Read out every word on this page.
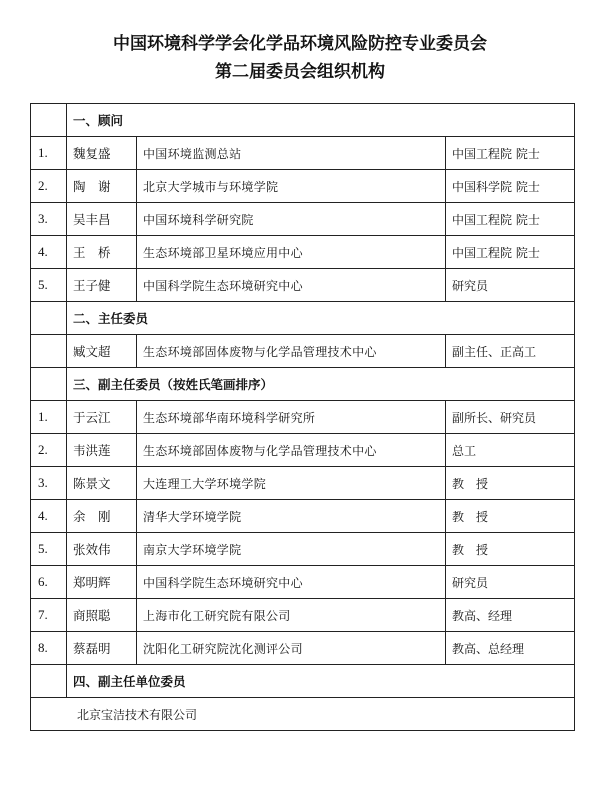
中国环境科学学会化学品环境风险防控专业委员会
第二届委员会组织机构
	一、顾问		
1.	魏复盛	中国环境监测总站	中国工程院 院士
2.	陶　谢	北京大学城市与环境学院	中国科学院 院士
3.	吴丰昌	中国环境科学研究院	中国工程院 院士
4.	王　桥	生态环境部卫星环境应用中心	中国工程院 院士
5.	王子健	中国科学院生态环境研究中心	研究员
	二、主任委员		
	臧文超	生态环境部固体废物与化学品管理技术中心	副主任、正高工
	三、副主任委员（按姓氏笔画排序）		
1.	于云江	生态环境部华南环境科学研究所	副所长、研究员
2.	韦洪莲	生态环境部固体废物与化学品管理技术中心	总工
3.	陈景文	大连理工大学环境学院	教　授
4.	余　刚	清华大学环境学院	教　授
5.	张效伟	南京大学环境学院	教　授
6.	郑明辉	中国科学院生态环境研究中心	研究员
7.	商照聪	上海市化工研究院有限公司	教高、经理
8.	蔡磊明	沈阳化工研究院沈化测评公司	教高、总经理
	四、副主任单位委员		
北京宝洁技术有限公司			
